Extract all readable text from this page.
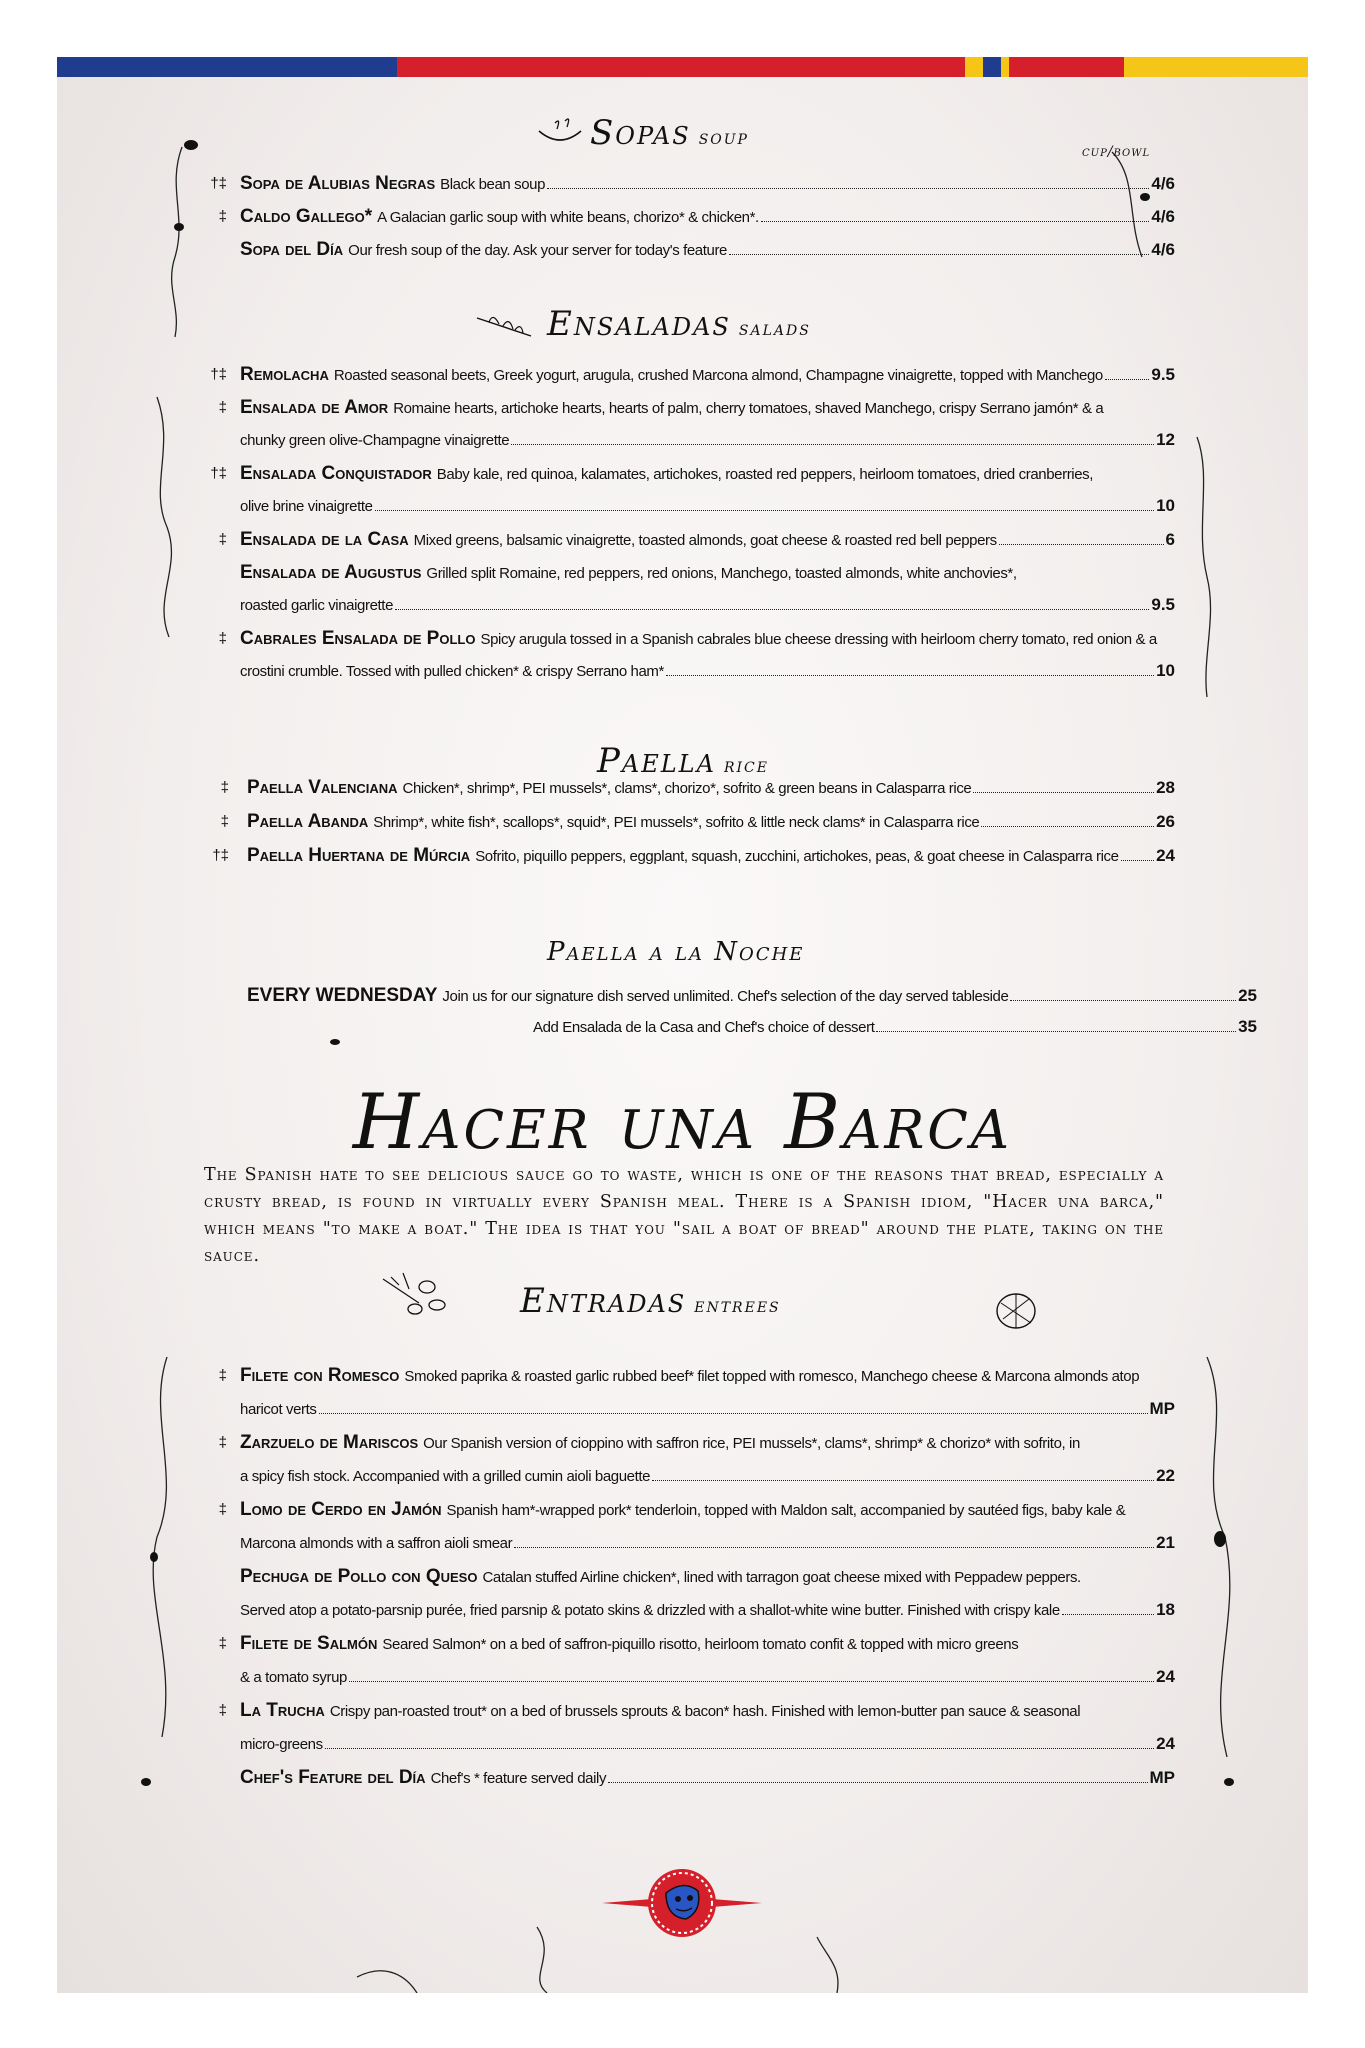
Sopas soup
cup/bowl
†‡ Sopa de Alubias Negras Black bean soup	4/6
‡ Caldo Gallego* A Galacian garlic soup with white beans, chorizo* & chicken*.	4/6
Sopa del Día Our fresh soup of the day. Ask your server for today's feature	4/6
Ensaladas salads
†‡ Remolacha Roasted seasonal beets, Greek yogurt, arugula, crushed Marcona almond, Champagne vinaigrette, topped with Manchego	9.5
‡ Ensalada de Amor Romaine hearts, artichoke hearts, hearts of palm, cherry tomatoes, shaved Manchego, crispy Serrano jamón* & a
chunky green olive-Champagne vinaigrette	12
†‡ Ensalada Conquistador Baby kale, red quinoa, kalamates, artichokes, roasted red peppers, heirloom tomatoes, dried cranberries,
olive brine vinaigrette	10
‡ Ensalada de la Casa Mixed greens, balsamic vinaigrette, toasted almonds, goat cheese & roasted red bell peppers	6
Ensalada de Augustus Grilled split Romaine, red peppers, red onions, Manchego, toasted almonds, white anchovies*,
roasted garlic vinaigrette	9.5
‡ Cabrales Ensalada de Pollo Spicy arugula tossed in a Spanish cabrales blue cheese dressing with heirloom cherry tomato, red onion & a
crostini crumble. Tossed with pulled chicken* & crispy Serrano ham*	10
Paella rice
‡ Paella Valenciana Chicken*, shrimp*, PEI mussels*, clams*, chorizo*, sofrito & green beans in Calasparra rice	28
‡ Paella Abanda Shrimp*, white fish*, scallops*, squid*, PEI mussels*, sofrito & little neck clams* in Calasparra rice	26
†‡ Paella Huertana de Múrcia Sofrito, piquillo peppers, eggplant, squash, zucchini, artichokes, peas, & goat cheese in Calasparra rice 24
Paella a la Noche
EVERY WEDNESDAY Join us for our signature dish served unlimited. Chef's selection of the day served tableside	25
Add Ensalada de la Casa and Chef's choice of dessert	35
Hacer una Barca
The Spanish hate to see delicious sauce go to waste, which is one of the reasons that bread, especially a crusty bread, is found in virtually every Spanish meal. There is a Spanish idiom, "Hacer una barca," which means "to make a boat." The idea is that you "sail a boat of bread" around the plate, taking on the sauce.
Entradas entrees
‡ Filete con Romesco Smoked paprika & roasted garlic rubbed beef* filet topped with romesco, Manchego cheese & Marcona almonds atop
haricot verts	MP
‡ Zarzuelo de Mariscos Our Spanish version of cioppino with saffron rice, PEI mussels*, clams*, shrimp* & chorizo* with sofrito, in
a spicy fish stock. Accompanied with a grilled cumin aioli baguette	22
‡ Lomo de Cerdo en Jamón Spanish ham*-wrapped pork* tenderloin, topped with Maldon salt, accompanied by sautéed figs, baby kale &
Marcona almonds with a saffron aioli smear	21
Pechuga de Pollo con Queso Catalan stuffed Airline chicken*, lined with tarragon goat cheese mixed with Peppadew peppers.
Served atop a potato-parsnip purée, fried parsnip & potato skins & drizzled with a shallot-white wine butter. Finished with crispy kale	18
‡ Filete de Salmón Seared Salmon* on a bed of saffron-piquillo risotto, heirloom tomato confit & topped with micro greens
& a tomato syrup	24
‡ La Trucha Crispy pan-roasted trout* on a bed of brussels sprouts & bacon* hash. Finished with lemon-butter pan sauce & seasonal
micro-greens	24
Chef's Feature del Día Chef's * feature served daily	MP
